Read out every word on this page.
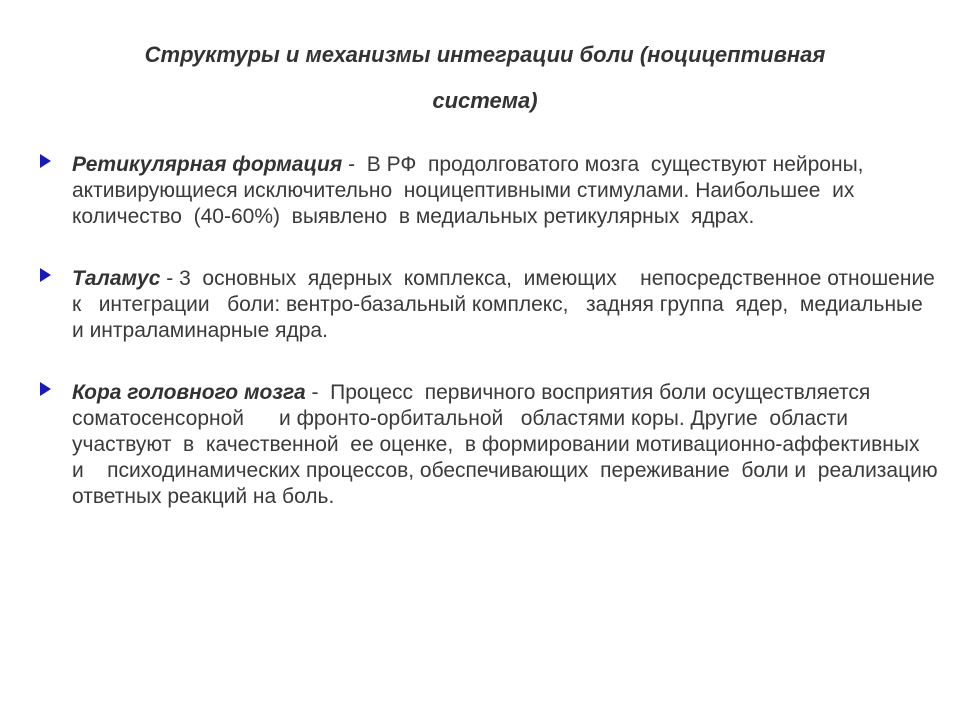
Структуры и механизмы интеграции боли (ноцицептивная
система)
Ретикулярная формация -  В РФ  продолговатого мозга  существуют нейроны, активирующиеся исключительно  ноцицептивными стимулами. Наибольшее  их  количество  (40-60%)  выявлено  в медиальных ретикулярных  ядрах.
Таламус - 3  основных  ядерных  комплекса,  имеющих    непосредственное отношение   к   интеграции   боли: вентро-базальный комплекс,   задняя группа  ядер,  медиальные   и интраламинарные ядра.
Кора головного мозга -  Процесс  первичного восприятия боли осуществляется соматосенсорной      и фронто-орбитальной   областями коры. Другие  области участвуют  в  качественной  ее оценке,  в формировании мотивационно-аффективных    и    психодинамических процессов, обеспечивающих  переживание  боли и  реализацию ответных реакций на боль.
